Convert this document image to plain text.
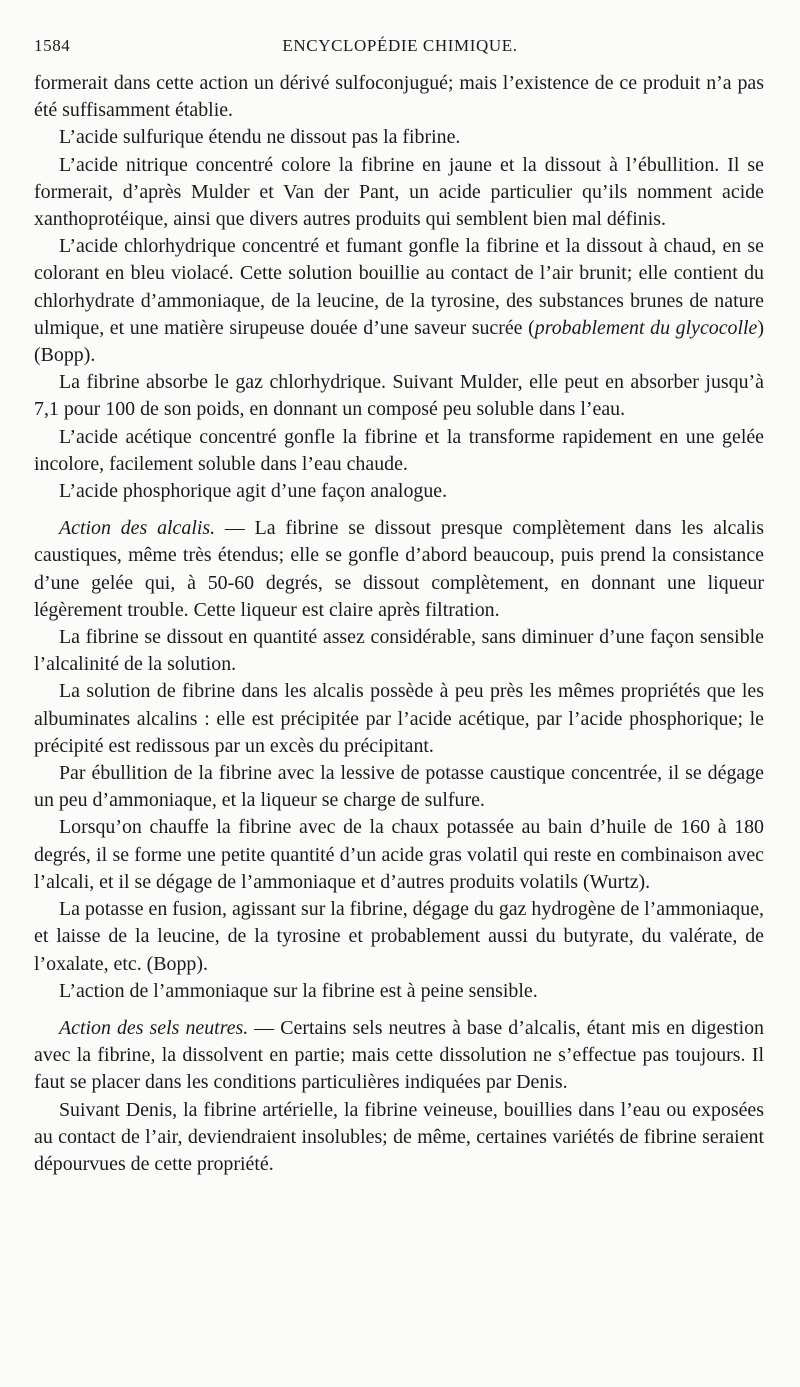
1584	ENCYCLOPÉDIE CHIMIQUE.

formerait dans cette action un dérivé sulfoconjugué; mais l’existence de ce produit n’a pas été suffisamment établie.

L’acide sulfurique étendu ne dissout pas la fibrine.

L’acide nitrique concentré colore la fibrine en jaune et la dissout à l’ébullition. Il se formerait, d’après Mulder et Van der Pant, un acide particulier qu’ils nomment acide xanthoprotéique, ainsi que divers autres produits qui semblent bien mal définis.

L’acide chlorhydrique concentré et fumant gonfle la fibrine et la dissout à chaud, en se colorant en bleu violacé. Cette solution bouillie au contact de l’air brunit; elle contient du chlorhydrate d’ammoniaque, de la leucine, de la tyrosine, des substances brunes de nature ulmique, et une matière sirupeuse douée d’une saveur sucrée (probablement du glycocolle) (Bopp).

La fibrine absorbe le gaz chlorhydrique. Suivant Mulder, elle peut en absorber jusqu’à 7,1 pour 100 de son poids, en donnant un composé peu soluble dans l’eau.

L’acide acétique concentré gonfle la fibrine et la transforme rapidement en une gelée incolore, facilement soluble dans l’eau chaude.

L’acide phosphorique agit d’une façon analogue.

Action des alcalis. — La fibrine se dissout presque complètement dans les alcalis caustiques, même très étendus; elle se gonfle d’abord beaucoup, puis prend la consistance d’une gelée qui, à 50-60 degrés, se dissout complètement, en donnant une liqueur légèrement trouble. Cette liqueur est claire après filtration.

La fibrine se dissout en quantité assez considérable, sans diminuer d’une façon sensible l’alcalinité de la solution.

La solution de fibrine dans les alcalis possède à peu près les mêmes propriétés que les albuminates alcalins : elle est précipitée par l’acide acétique, par l’acide phosphorique; le précipité est redissous par un excès du précipitant.

Par ébullition de la fibrine avec la lessive de potasse caustique concentrée, il se dégage un peu d’ammoniaque, et la liqueur se charge de sulfure.

Lorsqu’on chauffe la fibrine avec de la chaux potassée au bain d’huile de 160 à 180 degrés, il se forme une petite quantité d’un acide gras volatil qui reste en combinaison avec l’alcali, et il se dégage de l’ammoniaque et d’autres produits volatils (Wurtz).

La potasse en fusion, agissant sur la fibrine, dégage du gaz hydrogène de l’ammoniaque, et laisse de la leucine, de la tyrosine et probablement aussi du butyrate, du valérate, de l’oxalate, etc. (Bopp).

L’action de l’ammoniaque sur la fibrine est à peine sensible.

Action des sels neutres. — Certains sels neutres à base d’alcalis, étant mis en digestion avec la fibrine, la dissolvent en partie; mais cette dissolution ne s’effectue pas toujours. Il faut se placer dans les conditions particulières indiquées par Denis.

Suivant Denis, la fibrine artérielle, la fibrine veineuse, bouillies dans l’eau ou exposées au contact de l’air, deviendraient insolubles; de même, certaines variétés de fibrine seraient dépourvues de cette propriété.
